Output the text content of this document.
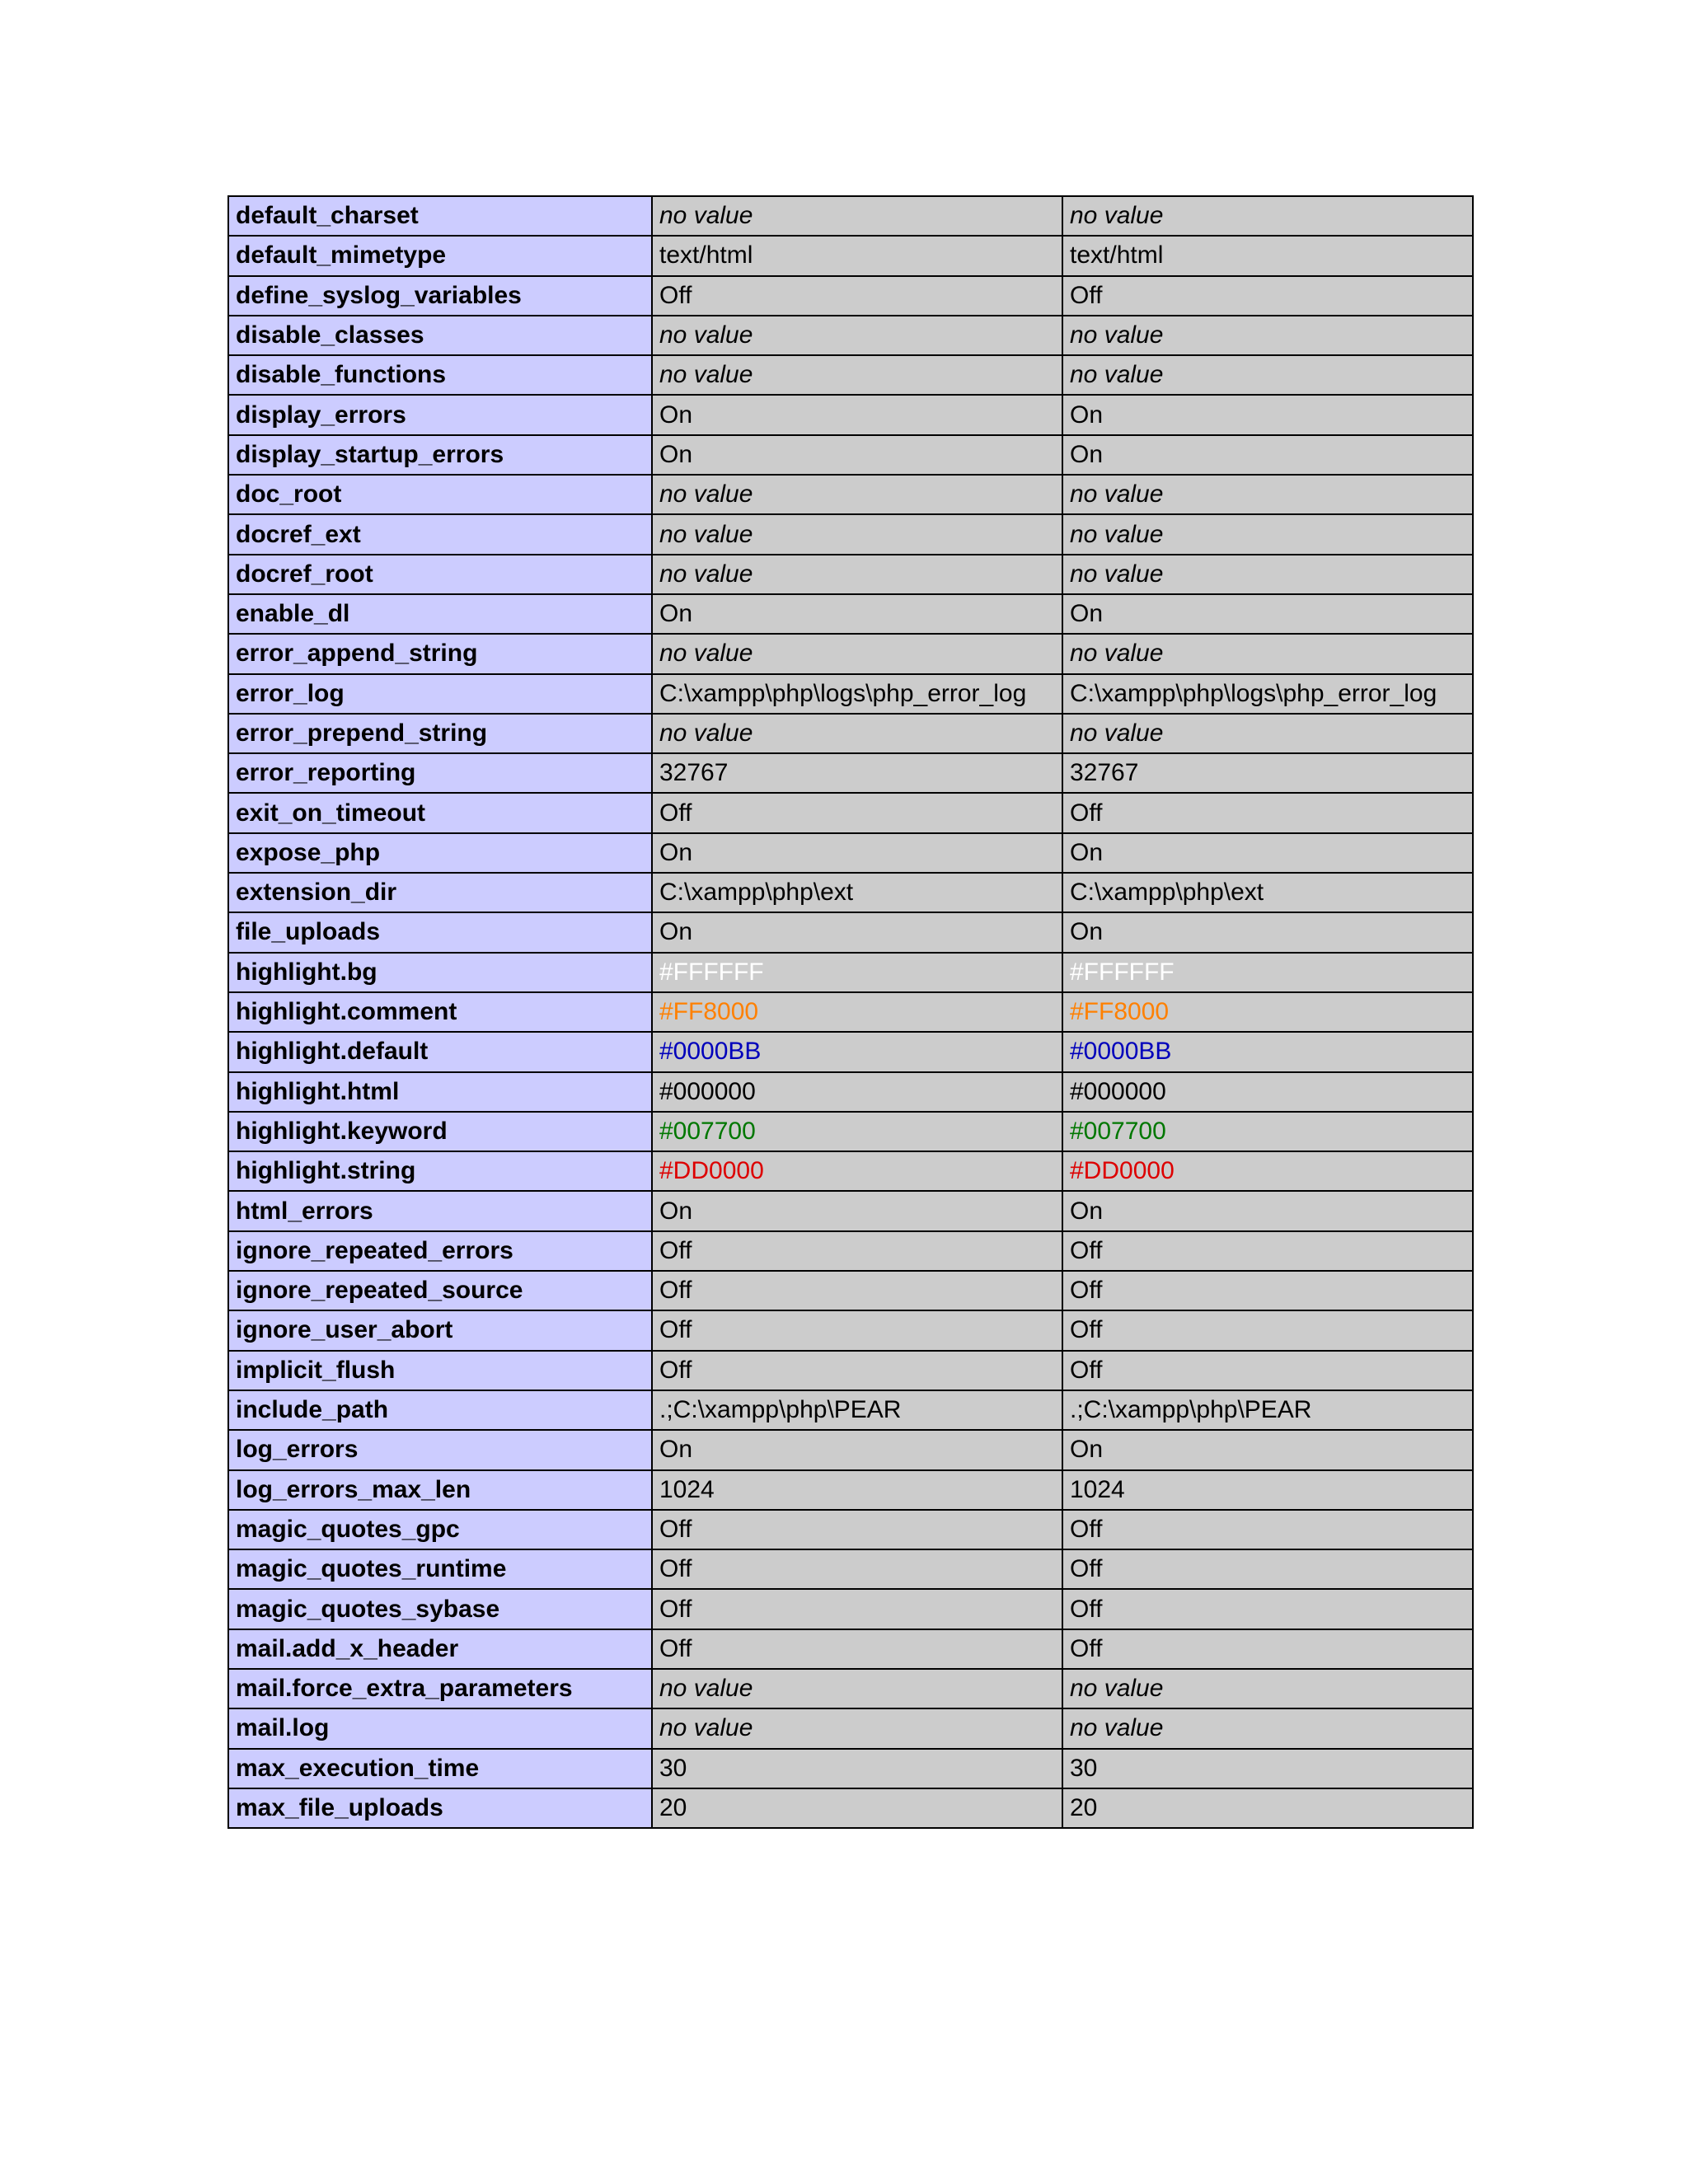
default_charset	no value	no value
default_mimetype	text/html	text/html
define_syslog_variables	Off	Off
disable_classes	no value	no value
disable_functions	no value	no value
display_errors	On	On
display_startup_errors	On	On
doc_root	no value	no value
docref_ext	no value	no value
docref_root	no value	no value
enable_dl	On	On
error_append_string	no value	no value
error_log	C:\xampp\php\logs\php_error_log	C:\xampp\php\logs\php_error_log
error_prepend_string	no value	no value
error_reporting	32767	32767
exit_on_timeout	Off	Off
expose_php	On	On
extension_dir	C:\xampp\php\ext	C:\xampp\php\ext
file_uploads	On	On
highlight.bg	#FFFFFF	#FFFFFF
highlight.comment	#FF8000	#FF8000
highlight.default	#0000BB	#0000BB
highlight.html	#000000	#000000
highlight.keyword	#007700	#007700
highlight.string	#DD0000	#DD0000
html_errors	On	On
ignore_repeated_errors	Off	Off
ignore_repeated_source	Off	Off
ignore_user_abort	Off	Off
implicit_flush	Off	Off
include_path	.;C:\xampp\php\PEAR	.;C:\xampp\php\PEAR
log_errors	On	On
log_errors_max_len	1024	1024
magic_quotes_gpc	Off	Off
magic_quotes_runtime	Off	Off
magic_quotes_sybase	Off	Off
mail.add_x_header	Off	Off
mail.force_extra_parameters	no value	no value
mail.log	no value	no value
max_execution_time	30	30
max_file_uploads	20	20
